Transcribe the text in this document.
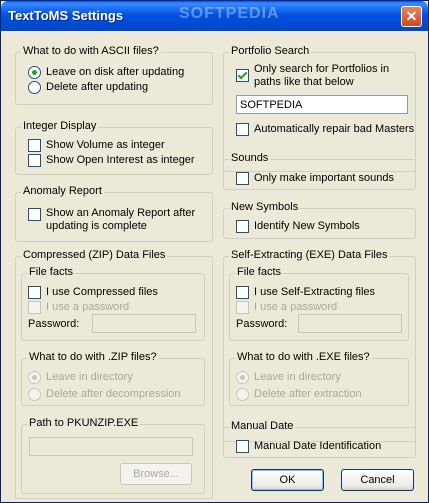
TextToMS Settings	SOFTPEDIA	✕
What to do with ASCII files?
Leave on disk after updating
Delete after updating
Integer Display
Show Volume as integer
Show Open Interest as integer
Anomaly Report
Show an Anomaly Report after
updating is complete
Compressed (ZIP) Data Files
File facts
I use Compressed files
I use a password
Password:
What to do with .ZIP files?
Leave in directory
Delete after decompression
Path to PKUNZIP.EXE
Browse...
Portfolio Search
Only search for Portfolios in
paths like that below
SOFTPEDIA
Automatically repair bad Masters
Sounds
Only make important sounds
New Symbols
Identify New Symbols
Self-Extracting (EXE) Data Files
File facts
I use Self-Extracting files
I use a password
Password:
What to do with .EXE files?
Leave in directory
Delete after extraction
Manual Date
Manual Date Identification
OK	Cancel
